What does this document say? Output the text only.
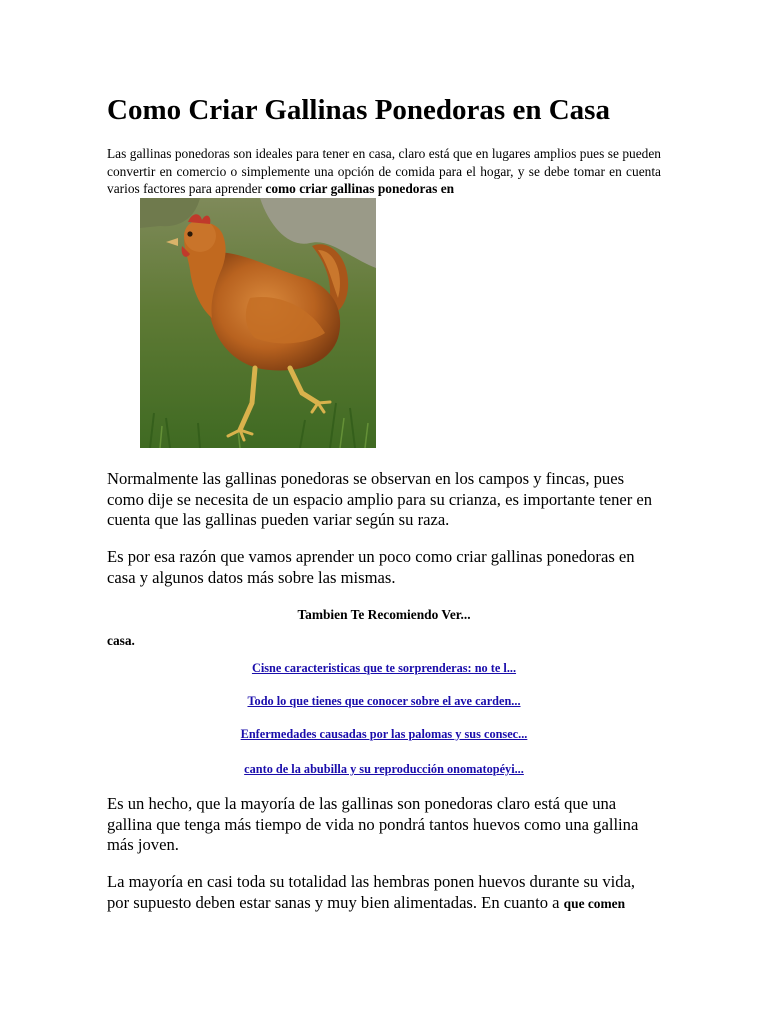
Como Criar Gallinas Ponedoras en Casa

Las gallinas ponedoras son ideales para tener en casa, claro está que en lugares amplios pues se pueden convertir en comercio o simplemente una opción de comida para el hogar, y se debe tomar en cuenta varios factores para aprender como criar gallinas ponedoras en

casa.

Normalmente las gallinas ponedoras se observan en los campos y fincas, pues como dije se necesita de un espacio amplio para su crianza, es importante tener en cuenta que las gallinas pueden variar según su raza.

Es por esa razón que vamos aprender un poco como criar gallinas ponedoras en casa y algunos datos más sobre las mismas.

Tambien Te Recomiendo Ver...

Cisne caracteristicas que te sorprenderas: no te l...

Todo lo que tienes que conocer sobre el ave carden...

Enfermedades causadas por las palomas y sus consec...

canto de la abubilla y su reproducción onomatopéyi...

Es un hecho, que la mayoría de las gallinas son ponedoras claro está que una gallina que tenga más tiempo de vida no pondrá tantos huevos como una gallina más joven.

La mayoría en casi toda su totalidad las hembras ponen huevos durante su vida, por supuesto deben estar sanas y muy bien alimentadas. En cuanto a que comen
